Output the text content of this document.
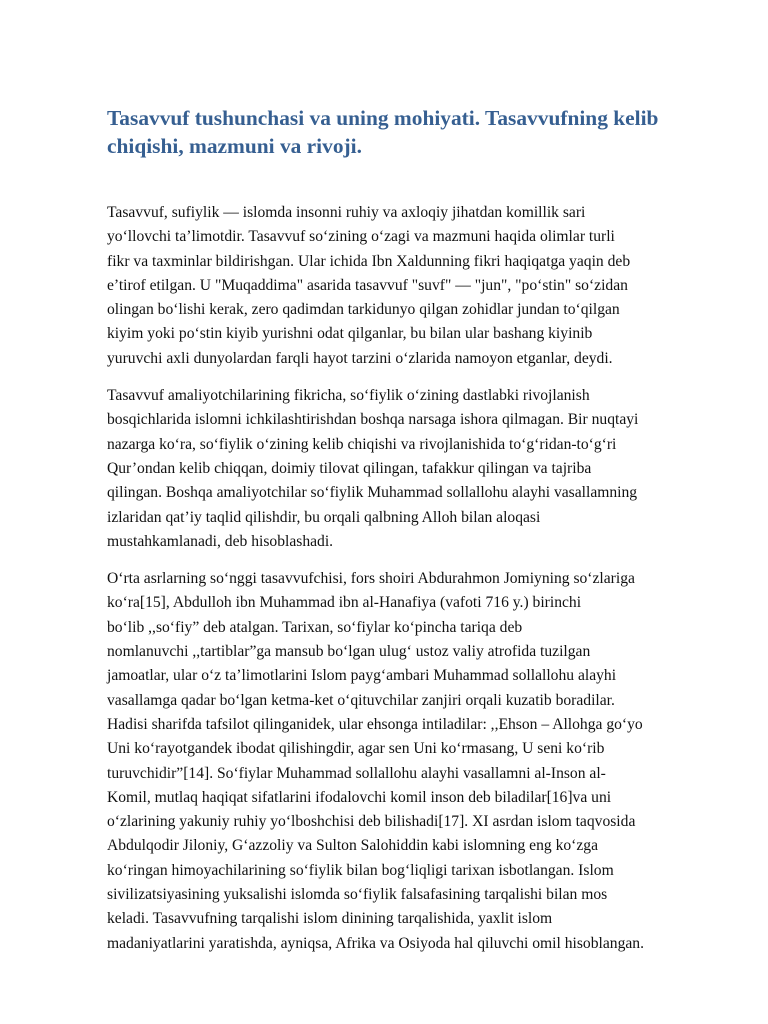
Tasavvuf tushunchasi va uning mohiyati. Tasavvufning kelib
chiqishi, mazmuni va rivoji.

Tasavvuf, sufiylik — islomda insonni ruhiy va axloqiy jihatdan komillik sari
yo‘llovchi ta’limotdir. Tasavvuf so‘zining o‘zagi va mazmuni haqida olimlar turli
fikr va taxminlar bildirishgan. Ular ichida Ibn Xaldunning fikri haqiqatga yaqin deb
e’tirof etilgan. U "Muqaddima" asarida tasavvuf "suvf" — "jun", "po‘stin" so‘zidan
olingan bo‘lishi kerak, zero qadimdan tarkidunyo qilgan zohidlar jundan to‘qilgan
kiyim yoki po‘stin kiyib yurishni odat qilganlar, bu bilan ular bashang kiyinib
yuruvchi axli dunyolardan farqli hayot tarzini o‘zlarida namoyon etganlar, deydi.

Tasavvuf amaliyotchilarining fikricha, so‘fiylik o‘zining dastlabki rivojlanish
bosqichlarida islomni ichkilashtirishdan boshqa narsaga ishora qilmagan. Bir nuqtayi
nazarga ko‘ra, so‘fiylik o‘zining kelib chiqishi va rivojlanishida to‘g‘ridan-to‘g‘ri
Qur’ondan kelib chiqqan, doimiy tilovat qilingan, tafakkur qilingan va tajriba
qilingan. Boshqa amaliyotchilar so‘fiylik Muhammad sollallohu alayhi vasallamning
izlaridan qat’iy taqlid qilishdir, bu orqali qalbning Alloh bilan aloqasi
mustahkamlanadi, deb hisoblashadi.

O‘rta asrlarning so‘nggi tasavvufchisi, fors shoiri Abdurahmon Jomiyning so‘zlariga
ko‘ra[15], Abdulloh ibn Muhammad ibn al-Hanafiya (vafoti 716 y.) birinchi
bo‘lib ,,so‘fiy” deb atalgan. Tarixan, so‘fiylar ko‘pincha tariqa deb
nomlanuvchi ,,tartiblar”ga mansub bo‘lgan ulug‘ ustoz valiy atrofida tuzilgan
jamoatlar, ular o‘z ta’limotlarini Islom payg‘ambari Muhammad sollallohu alayhi
vasallamga qadar bo‘lgan ketma-ket o‘qituvchilar zanjiri orqali kuzatib boradilar.
Hadisi sharifda tafsilot qilinganidek, ular ehsonga intiladilar: ,,Ehson – Allohga go‘yo
Uni ko‘rayotgandek ibodat qilishingdir, agar sen Uni ko‘rmasang, U seni ko‘rib
turuvchidir”[14]. So‘fiylar Muhammad sollallohu alayhi vasallamni al-Inson al-
Komil, mutlaq haqiqat sifatlarini ifodalovchi komil inson deb biladilar[16]va uni
o‘zlarining yakuniy ruhiy yo‘lboshchisi deb bilishadi[17]. XI asrdan islom taqvosida
Abdulqodir Jiloniy, G‘azzoliy va Sulton Salohiddin kabi islomning eng ko‘zga
ko‘ringan himoyachilarining so‘fiylik bilan bog‘liqligi tarixan isbotlangan. Islom
sivilizatsiyasining yuksalishi islomda so‘fiylik falsafasining tarqalishi bilan mos
keladi. Tasavvufning tarqalishi islom dinining tarqalishida, yaxlit islom
madaniyatlarini yaratishda, ayniqsa, Afrika va Osiyoda hal qiluvchi omil hisoblangan.
